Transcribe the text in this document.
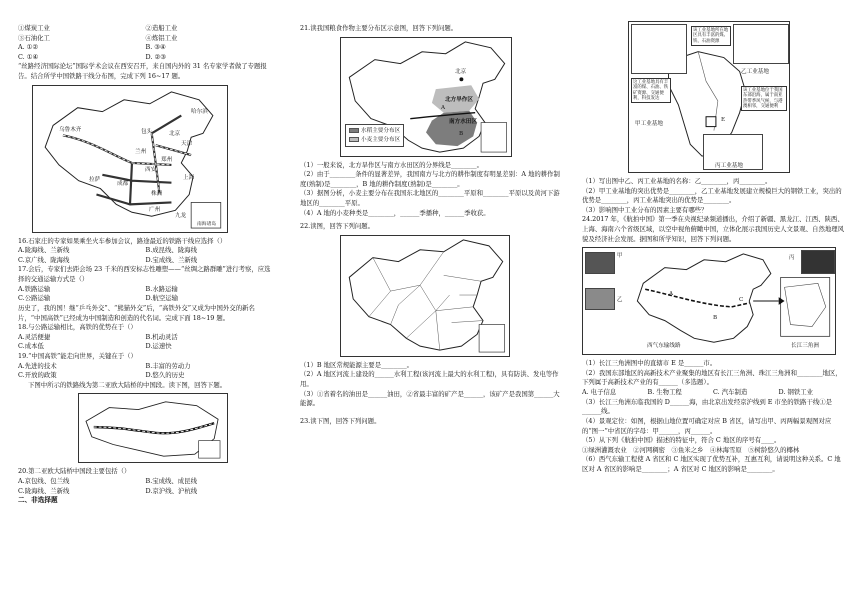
①煤炭工业	②造船工业

③石油化工	④炼铝工业

A. ①②	B. ③④

C. ①④	D. ②③

“丝路经济国际论坛”国际学术会议在西安召开，来自国内外的 31 名专家学者做了专题报告。结合所学中国铁路干线分布图，完成下列 16~17 题。

乌鲁木齐
哈尔滨
包头	北京
天津
兰州
郑州
西安
拉萨
成都
上海
株洲
广州
九龙
南海诸岛

16.石家庄的专家如果乘坐火车参加会议，路途最近的铁路干线应选择（）

A.陇海线、兰新线	B.成昆线、陇海线

C.京广线、陇海线	D.宝成线、兰新线

17.会后，专家们去距会场 23 千米的西安标志性雕塑——“丝绸之路群雕”进行考察，应选择的交通运输方式是（）

A.铁路运输	B.水路运输

C.公路运输	D.航空运输

历史了，我的国！继“乒乓外交”、“熊猫外交”后，“高铁外交”又成为中国外交的新名片，“中国高铁”已经成为中国制造和创造的代名词。完成下面 18~19 题。

18.与公路运输相比，高铁的优势在于（）

A.灵活便捷	B.机动灵活

C.成本低	D.运速快

19.“中国高铁”能走向世界，关键在于（）

A.先进的技术	B.丰富的劳动力

C.开放的政策	D.悠久的历史

下图中所示的铁路线为第二亚欧大陆桥的中国段。读下图，回答下题。

20.第二亚欧大陆桥中国段主要包括（）

A.京包线、包兰线	B.宝成线、成昆线

C.陇海线、兰新线	D.京沪线、沪杭线

二、非选择题

21.读我国粮食作物主要分布区示意图，回答下列问题。

北京
北方旱作区
南方水田区
A
B
水稻主要分布区
小麦主要分布区

（1）一般来说，北方旱作区与南方水田区的分界线是________。

（2）由于________条件的显著差异，我国南方与北方的耕作制度有明显差别：A 地的耕作制度(熟制)是________，B 地的耕作制度(熟制)是________。

（3）据图分析，小麦主要分布在我国东北地区的________平原和________平原以及黄河下游地区的________平原。

（4）A 地的小麦种类是________，______季播种，______季收获。

22.读图，回答下列问题。

（1）B 地区常规能源主要是________。

（2）A 地区河流上建设的______水利工程(该河流上最大的水利工程)，具有防洪、发电等作用。

（3）①省着名的油田是______油田，②省最丰富的矿产是______，该矿产是我国第______大能源。

23.读下图，回答下列问题。

该工业基地所在地区具有丰富的煤、铁、石油资源
这工业基地具有丰富的煤、石油、铁矿资源、交通便利，科技发达
该工业基地位于我国东部沿海，属于南亚热带季风气候，与港澳相邻，交通便利
甲工业基地
乙工业基地
丙工业基地
E

（1）写出图中乙、丙工业基地的名称：乙________，丙________。

（2）甲工业基地的突出优势是________，乙工业基地发展建立规模巨大的钢铁工业，突出的优势是________，丙工业基地突出的优势是________。

（3）影响图中工业分布的因素主要有哪些？

24.2017 年，《航拍中国》第一季在央视纪录频道播出，介绍了新疆、黑龙江、江西、陕西、上海、海南六个省级区域，以空中视角俯瞰中国，立体化展示我国历史人文景观、自然地理风貌及经济社会发展。据图和所学知识，回答下列问题。

甲
乙
丙
A
B
C
西气东输线路	长江三角洲

（1）长江三角洲图中的直辖市 E 是______市。

（2）我国东部地区的高新技术产业聚集的地区有长江三角洲、珠江三角洲和________地区，下列属于高新技术产业的有______（多选题）。

A. 电子信息	B. 生物工程	C. 汽车制造	D. 钢铁工业

（3）长江三角洲东临我国的 D______海，由北京出发经京沪线到 E 市坐的铁路干线①是______线。

（4）景观定位：如图，根据山地位置可确定对应 B 省区，请写出甲、丙两幅景观图对应的“图一”中省区的字母：甲______，丙______。

（5）从下列《航拍中国》描述的特征中，符合 C 地区的序号有____。

①绿洲灌溉农业　②河网稠密　③鱼米之乡　④林海雪原　⑤树龄悠久的椰林

（6）西气东输工程使 A 省区和 C 地区实现了优势互补，互惠互利，请说明这种关系。C 地区对 A 省区的影响是________；A 省区对 C 地区的影响是________。
